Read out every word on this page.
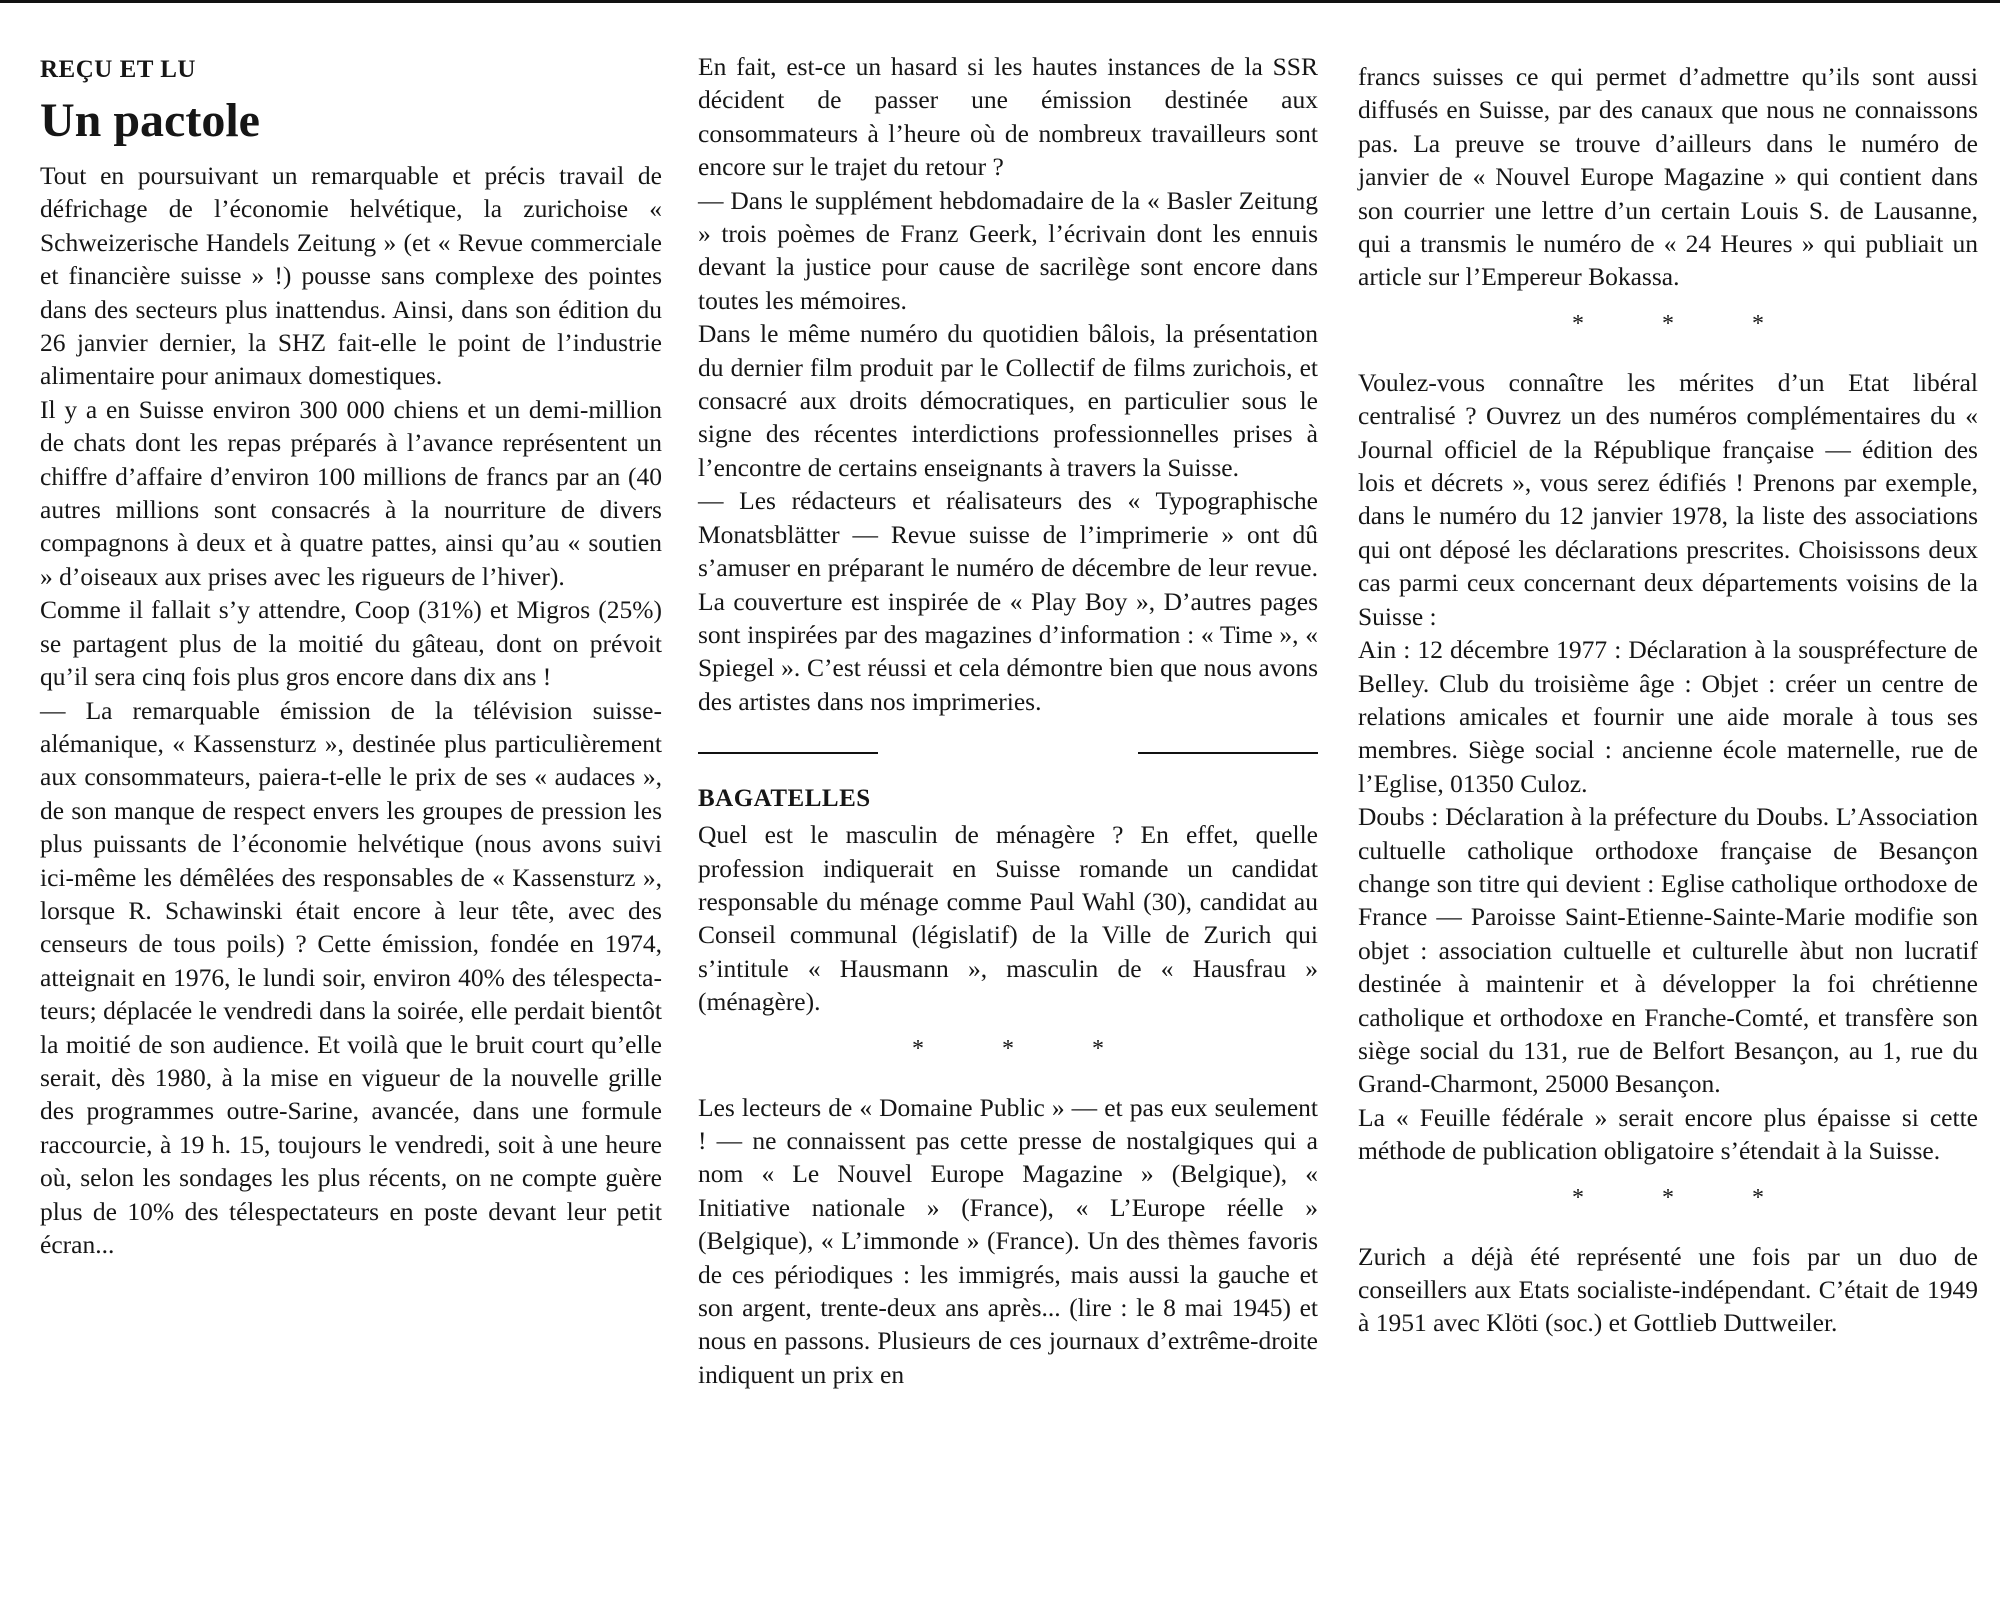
REÇU ET LU
Un pactole

Tout en poursuivant un remarquable et précis travail de défrichage de l’économie helvétique, la zurichoise « Schweizerische Handels Zeitung » (et « Revue commerciale et financière suisse » !) pousse sans complexe des pointes dans des secteurs plus inattendus. Ainsi, dans son édition du 26 janvier dernier, la SHZ fait-elle le point de l’industrie alimentaire pour animaux domestiques.

Il y a en Suisse environ 300 000 chiens et un demi-million de chats dont les repas préparés à l’avance représentent un chiffre d’affaire d’environ 100 millions de francs par an (40 autres millions sont consacrés à la nourriture de divers compagnons à deux et à quatre pattes, ainsi qu’au « soutien » d’oiseaux aux prises avec les rigueurs de l’hiver).

Comme il fallait s’y attendre, Coop (31%) et Migros (25%) se partagent plus de la moitié du gâteau, dont on prévoit qu’il sera cinq fois plus gros encore dans dix ans !

— La remarquable émission de la télévision suisse-alémanique, « Kassensturz », destinée plus particulièrement aux consommateurs, paiera-t-elle le prix de ses « audaces », de son manque de respect envers les groupes de pression les plus puissants de l’économie helvétique (nous avons suivi ici-même les démêlées des responsables de « Kassensturz », lorsque R. Schawinski était encore à leur tête, avec des censeurs de tous poils) ? Cette émission, fondée en 1974, atteignait en 1976, le lundi soir, environ 40% des télespectateurs; déplacée le vendredi dans la soirée, elle perdait bientôt la moitié de son audience. Et voilà que le bruit court qu’elle serait, dès 1980, à la mise en vigueur de la nouvelle grille des programmes outre-Sarine, avancée, dans une formule raccourcie, à 19 h. 15, toujours le vendredi, soit à une heure où, selon les sondages les plus récents, on ne compte guère plus de 10% des télespectateurs en poste devant leur petit écran...

En fait, est-ce un hasard si les hautes instances de la SSR décident de passer une émission destinée aux consommateurs à l’heure où de nombreux travailleurs sont encore sur le trajet du retour ?

— Dans le supplément hebdomadaire de la « Basler Zeitung » trois poèmes de Franz Geerk, l’écrivain dont les ennuis devant la justice pour cause de sacrilège sont encore dans toutes les mémoires.

Dans le même numéro du quotidien bâlois, la présentation du dernier film produit par le Collectif de films zurichois, et consacré aux droits démocratiques, en particulier sous le signe des récentes interdictions professionnelles prises à l’encontre de certains enseignants à travers la Suisse.

— Les rédacteurs et réalisateurs des « Typographische Monatsblätter — Revue suisse de l’imprimerie » ont dû s’amuser en préparant le numéro de décembre de leur revue. La couverture est inspirée de « Play Boy », D’autres pages sont inspirées par des magazines d’information : « Time », « Spiegel ». C’est réussi et cela démontre bien que nous avons des artistes dans nos imprimeries.

BAGATELLES

Quel est le masculin de ménagère ? En effet, quelle profession indiquerait en Suisse romande un candidat responsable du ménage comme Paul Wahl (30), candidat au Conseil communal (législatif) de la Ville de Zurich qui s’intitule « Hausmann », masculin de « Hausfrau » (ménagère).

* * *

Les lecteurs de « Domaine Public » — et pas eux seulement ! — ne connaissent pas cette presse de nostalgiques qui a nom « Le Nouvel Europe Magazine » (Belgique), « Initiative nationale » (France), « L’Europe réelle » (Belgique), « L’immonde » (France). Un des thèmes favoris de ces périodiques : les immigrés, mais aussi la gauche et son argent, trente-deux ans après... (lire : le 8 mai 1945) et nous en passons. Plusieurs de ces journaux d’extrême-droite indiquent un prix en

francs suisses ce qui permet d’admettre qu’ils sont aussi diffusés en Suisse, par des canaux que nous ne connaissons pas. La preuve se trouve d’ailleurs dans le numéro de janvier de « Nouvel Europe Magazine » qui contient dans son courrier une lettre d’un certain Louis S. de Lausanne, qui a transmis le numéro de « 24 Heures » qui publiait un article sur l’Empereur Bokassa.

* * *

Voulez-vous connaître les mérites d’un Etat libéral centralisé ? Ouvrez un des numéros complémentaires du « Journal officiel de la République française — édition des lois et décrets », vous serez édifiés ! Prenons par exemple, dans le numéro du 12 janvier 1978, la liste des associations qui ont déposé les déclarations prescrites. Choisissons deux cas parmi ceux concernant deux départements voisins de la Suisse :

Ain : 12 décembre 1977 : Déclaration à la souspréfecture de Belley. Club du troisième âge : Objet : créer un centre de relations amicales et fournir une aide morale à tous ses membres. Siège social : ancienne école maternelle, rue de l’Eglise, 01350 Culoz.

Doubs : Déclaration à la préfecture du Doubs. L’Association cultuelle catholique orthodoxe française de Besançon change son titre qui devient : Eglise catholique orthodoxe de France — Paroisse Saint-Etienne-Sainte-Marie modifie son objet : association cultuelle et culturelle àbut non lucratif destinée à maintenir et à développer la foi chrétienne catholique et orthodoxe en Franche-Comté, et transfère son siège social du 131, rue de Belfort Besançon, au 1, rue du Grand-Charmont, 25000 Besançon.

La « Feuille fédérale » serait encore plus épaisse si cette méthode de publication obligatoire s’étendait à la Suisse.

* * *

Zurich a déjà été représenté une fois par un duo de conseillers aux Etats socialiste-indépendant. C’était de 1949 à 1951 avec Klöti (soc.) et Gottlieb Duttweiler.
